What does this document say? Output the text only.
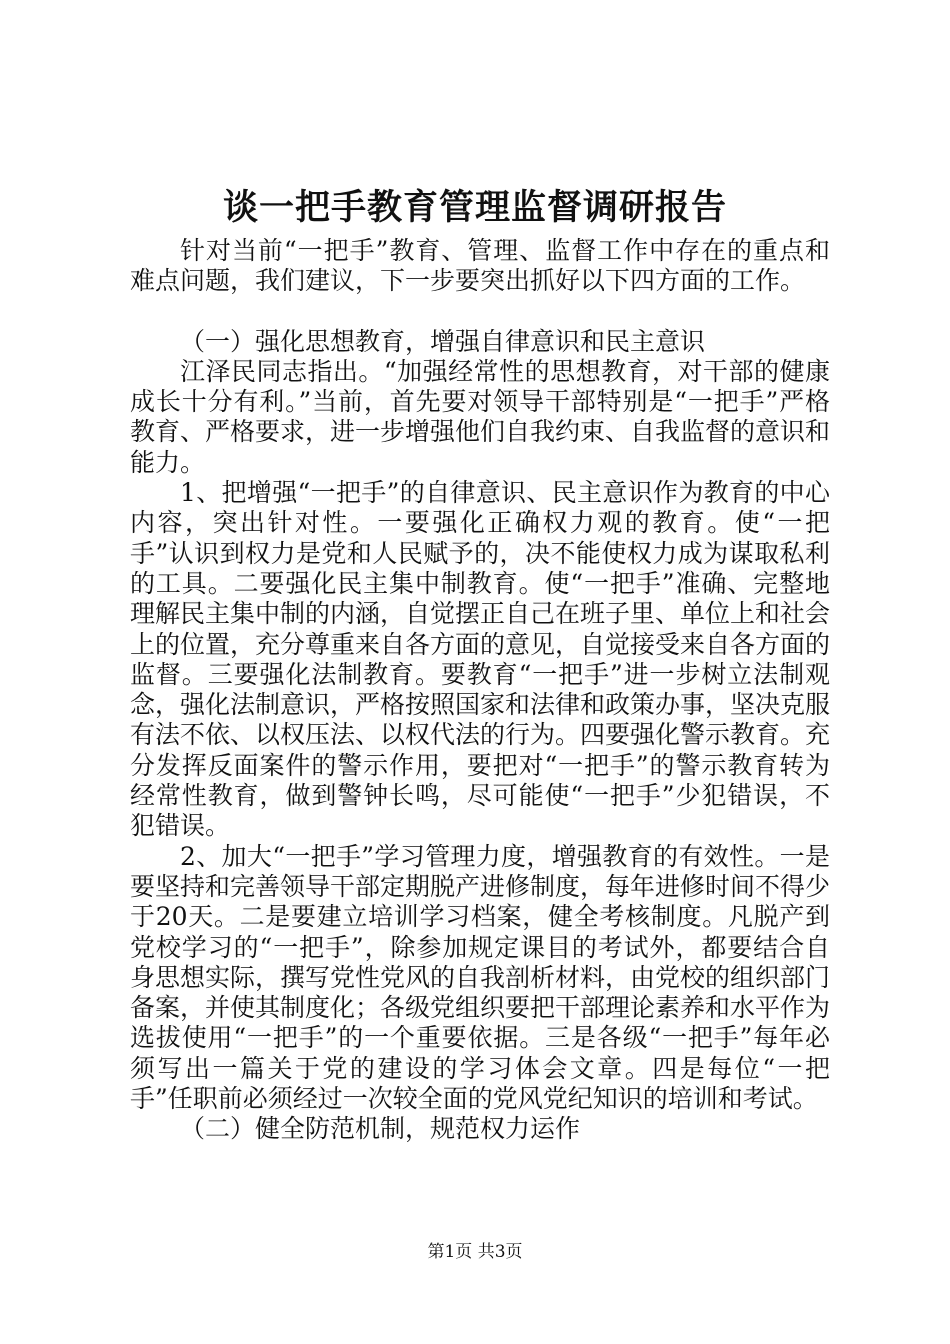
谈一把手教育管理监督调研报告

针对当前“一把手”教育、管理、监督工作中存在的重点和难点问题，我们建议，下一步要突出抓好以下四方面的工作。

（一）强化思想教育，增强自律意识和民主意识

江泽民同志指出。“加强经常性的思想教育，对干部的健康成长十分有利。”当前，首先要对领导干部特别是“一把手”严格教育、严格要求，进一步增强他们自我约束、自我监督的意识和能力。

1、把增强“一把手”的自律意识、民主意识作为教育的中心内容，突出针对性。一要强化正确权力观的教育。使“一把手”认识到权力是党和人民赋予的，决不能使权力成为谋取私利的工具。二要强化民主集中制教育。使“一把手”准确、完整地理解民主集中制的内涵，自觉摆正自己在班子里、单位上和社会上的位置，充分尊重来自各方面的意见，自觉接受来自各方面的监督。三要强化法制教育。要教育“一把手”进一步树立法制观念，强化法制意识，严格按照国家和法律和政策办事，坚决克服有法不依、以权压法、以权代法的行为。四要强化警示教育。充分发挥反面案件的警示作用，要把对“一把手”的警示教育转为经常性教育，做到警钟长鸣，尽可能使“一把手”少犯错误，不犯错误。

2、加大“一把手”学习管理力度，增强教育的有效性。一是要坚持和完善领导干部定期脱产进修制度，每年进修时间不得少于20天。二是要建立培训学习档案，健全考核制度。凡脱产到党校学习的“一把手”，除参加规定课目的考试外，都要结合自身思想实际，撰写党性党风的自我剖析材料，由党校的组织部门备案，并使其制度化；各级党组织要把干部理论素养和水平作为选拔使用“一把手”的一个重要依据。三是各级“一把手”每年必须写出一篇关于党的建设的学习体会文章。四是每位“一把手”任职前必须经过一次较全面的党风党纪知识的培训和考试。

（二）健全防范机制，规范权力运作

第1页 共3页
